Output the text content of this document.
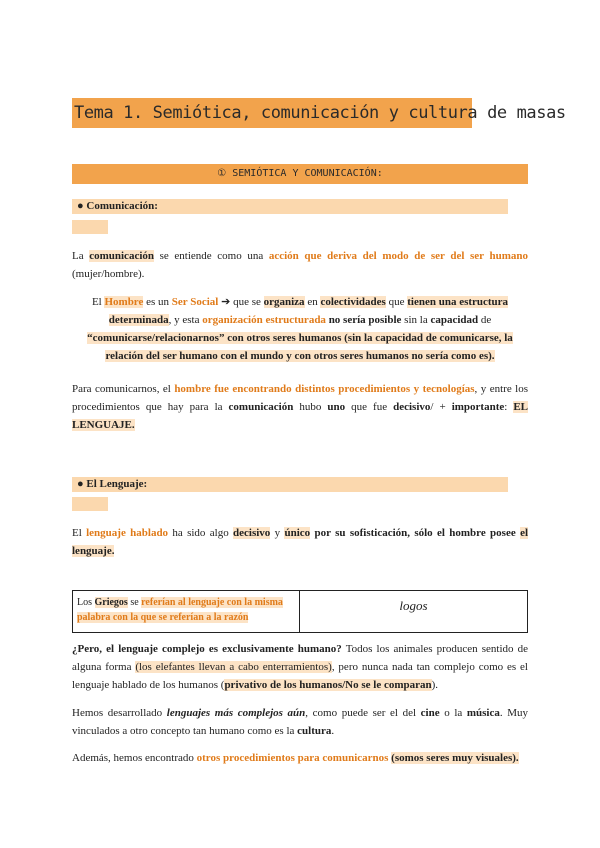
Tema 1. Semiótica, comunicación y cultura de masas
① SEMIÓTICA Y COMUNICACIÓN:
● Comunicación:
La comunicación se entiende como una acción que deriva del modo de ser del ser humano (mujer/hombre).
El Hombre es un Ser Social ➔ que se organiza en colectividades que tienen una estructura determinada, y esta organización estructurada no sería posible sin la capacidad de “comunicarse/relacionarnos” con otros seres humanos (sin la capacidad de comunicarse, la relación del ser humano con el mundo y con otros seres humanos no sería como es).
Para comunicarnos, el hombre fue encontrando distintos procedimientos y tecnologías, y entre los procedimientos que hay para la comunicación hubo uno que fue decisivo/ + importante: EL LENGUAJE.
● El Lenguaje:
El lenguaje hablado ha sido algo decisivo y único por su sofisticación, sólo el hombre posee el lenguaje.
Los Griegos se referían al lenguaje con la misma palabra con la que se referían a la razón
logos
¿Pero, el lenguaje complejo es exclusivamente humano? Todos los animales producen sentido de alguna forma (los elefantes llevan a cabo enterramientos), pero nunca nada tan complejo como es el lenguaje hablado de los humanos (privativo de los humanos/No se le comparan).
Hemos desarrollado lenguajes más complejos aún, como puede ser el del cine o la música. Muy vinculados a otro concepto tan humano como es la cultura.
Además, hemos encontrado otros procedimientos para comunicarnos (somos seres muy visuales).
